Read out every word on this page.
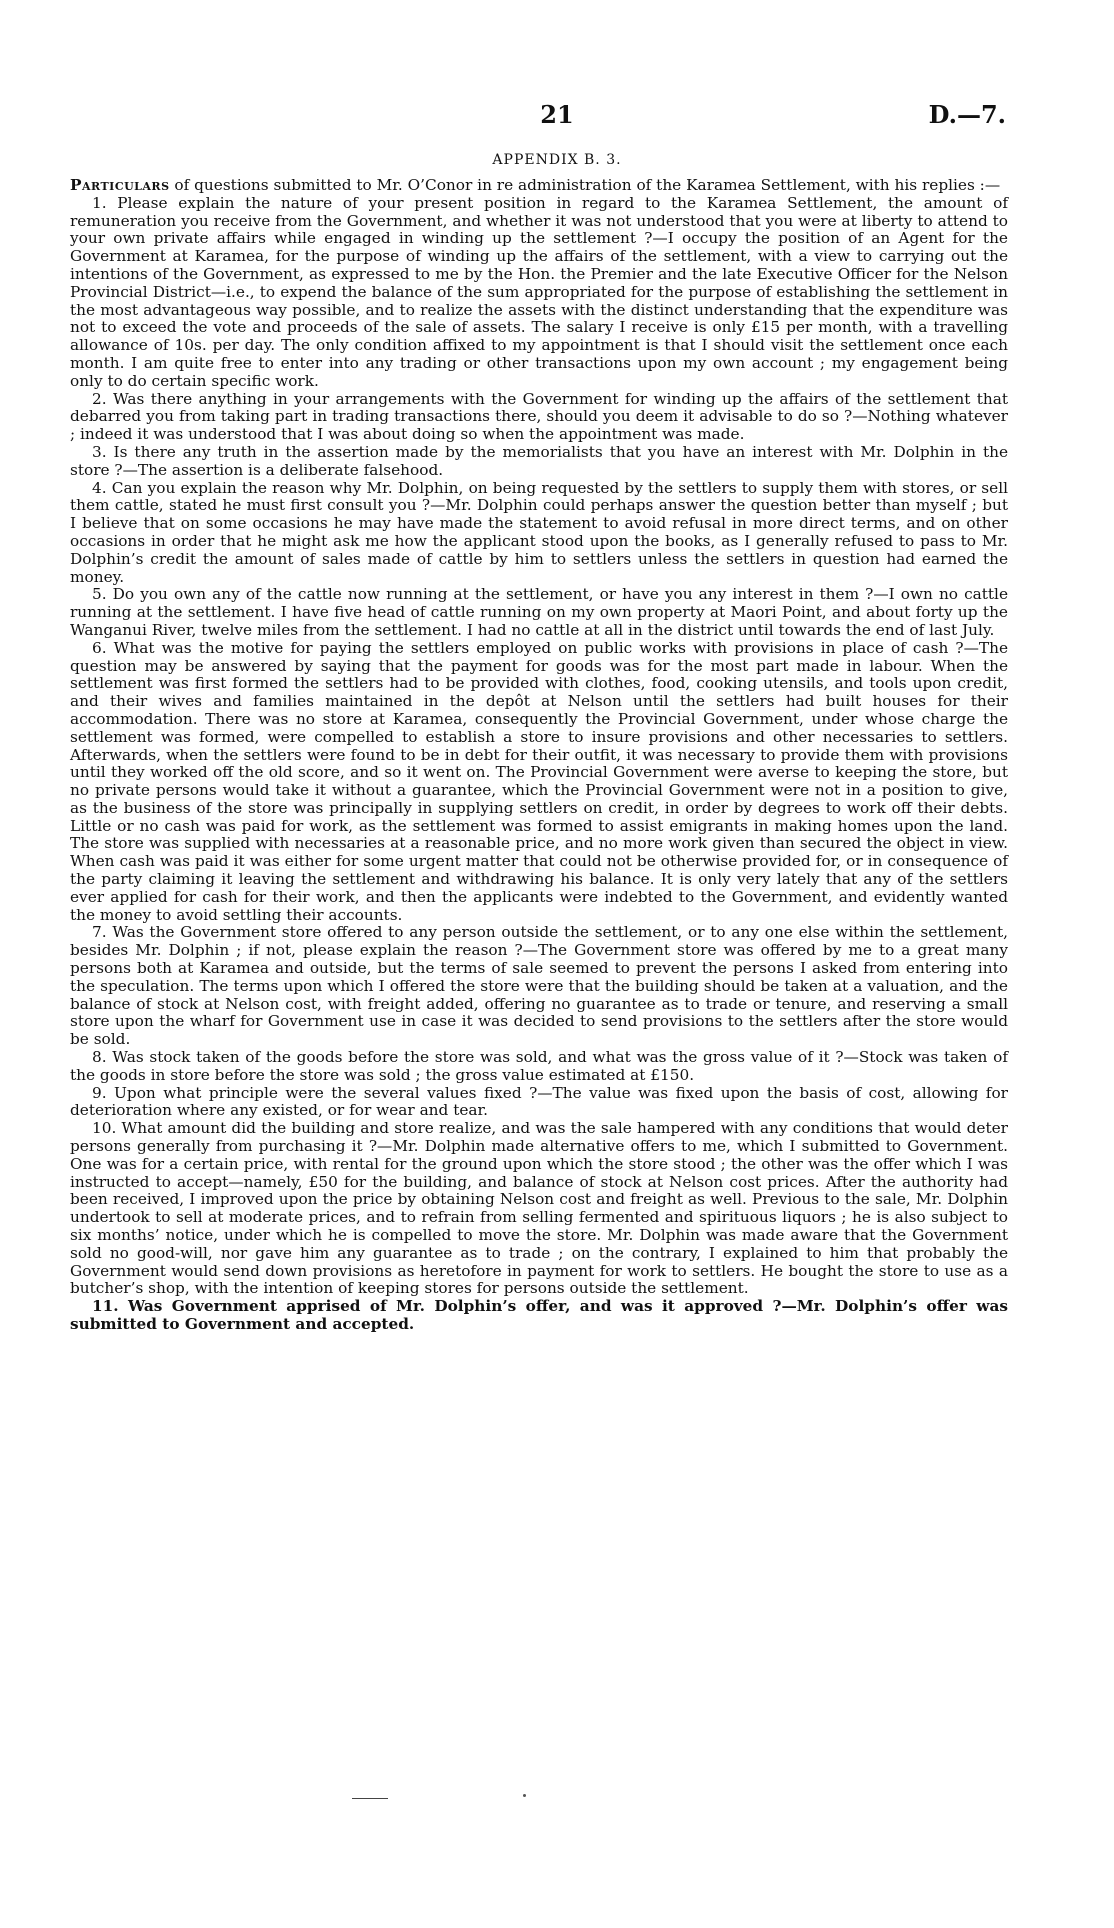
21	D.—7.
APPENDIX B. 3.

Particulars of questions submitted to Mr. O’Conor in re administration of the Karamea Settlement, with his replies :—

1. Please explain the nature of your present position in regard to the Karamea Settlement, the amount of remuneration you receive from the Government, and whether it was not understood that you were at liberty to attend to your own private affairs while engaged in winding up the settlement ?—I occupy the position of an Agent for the Government at Karamea, for the purpose of winding up the affairs of the settlement, with a view to carrying out the intentions of the Government, as expressed to me by the Hon. the Premier and the late Executive Officer for the Nelson Provincial District—i.e., to expend the balance of the sum appropriated for the purpose of establishing the settlement in the most advantageous way possible, and to realize the assets with the distinct understanding that the expenditure was not to exceed the vote and proceeds of the sale of assets. The salary I receive is only £15 per month, with a travelling allowance of 10s. per day. The only condition affixed to my appointment is that I should visit the settlement once each month. I am quite free to enter into any trading or other transactions upon my own account ; my engagement being only to do certain specific work.

2. Was there anything in your arrangements with the Government for winding up the affairs of the settlement that debarred you from taking part in trading transactions there, should you deem it advisable to do so ?—Nothing whatever ; indeed it was understood that I was about doing so when the appointment was made.

3. Is there any truth in the assertion made by the memorialists that you have an interest with Mr. Dolphin in the store ?—The assertion is a deliberate falsehood.

4. Can you explain the reason why Mr. Dolphin, on being requested by the settlers to supply them with stores, or sell them cattle, stated he must first consult you ?—Mr. Dolphin could perhaps answer the question better than myself ; but I believe that on some occasions he may have made the statement to avoid refusal in more direct terms, and on other occasions in order that he might ask me how the applicant stood upon the books, as I generally refused to pass to Mr. Dolphin’s credit the amount of sales made of cattle by him to settlers unless the settlers in question had earned the money.

5. Do you own any of the cattle now running at the settlement, or have you any interest in them ?—I own no cattle running at the settlement. I have five head of cattle running on my own property at Maori Point, and about forty up the Wanganui River, twelve miles from the settlement. I had no cattle at all in the district until towards the end of last July.

6. What was the motive for paying the settlers employed on public works with provisions in place of cash ?—The question may be answered by saying that the payment for goods was for the most part made in labour. When the settlement was first formed the settlers had to be provided with clothes, food, cooking utensils, and tools upon credit, and their wives and families maintained in the depôt at Nelson until the settlers had built houses for their accommodation. There was no store at Karamea, consequently the Provincial Government, under whose charge the settlement was formed, were compelled to establish a store to insure provisions and other necessaries to settlers. Afterwards, when the settlers were found to be in debt for their outfit, it was necessary to provide them with provisions until they worked off the old score, and so it went on. The Provincial Government were averse to keeping the store, but no private persons would take it without a guarantee, which the Provincial Government were not in a position to give, as the business of the store was principally in supplying settlers on credit, in order by degrees to work off their debts. Little or no cash was paid for work, as the settlement was formed to assist emigrants in making homes upon the land. The store was supplied with necessaries at a reasonable price, and no more work given than secured the object in view. When cash was paid it was either for some urgent matter that could not be otherwise provided for, or in consequence of the party claiming it leaving the settlement and withdrawing his balance. It is only very lately that any of the settlers ever applied for cash for their work, and then the applicants were indebted to the Government, and evidently wanted the money to avoid settling their accounts.

7. Was the Government store offered to any person outside the settlement, or to any one else within the settlement, besides Mr. Dolphin ; if not, please explain the reason ?—The Government store was offered by me to a great many persons both at Karamea and outside, but the terms of sale seemed to prevent the persons I asked from entering into the speculation. The terms upon which I offered the store were that the building should be taken at a valuation, and the balance of stock at Nelson cost, with freight added, offering no guarantee as to trade or tenure, and reserving a small store upon the wharf for Government use in case it was decided to send provisions to the settlers after the store would be sold.

8. Was stock taken of the goods before the store was sold, and what was the gross value of it ?—Stock was taken of the goods in store before the store was sold ; the gross value estimated at £150.

9. Upon what principle were the several values fixed ?—The value was fixed upon the basis of cost, allowing for deterioration where any existed, or for wear and tear.

10. What amount did the building and store realize, and was the sale hampered with any conditions that would deter persons generally from purchasing it ?—Mr. Dolphin made alternative offers to me, which I submitted to Government. One was for a certain price, with rental for the ground upon which the store stood ; the other was the offer which I was instructed to accept—namely, £50 for the building, and balance of stock at Nelson cost prices. After the authority had been received, I improved upon the price by obtaining Nelson cost and freight as well. Previous to the sale, Mr. Dolphin undertook to sell at moderate prices, and to refrain from selling fermented and spirituous liquors ; he is also subject to six months’ notice, under which he is compelled to move the store. Mr. Dolphin was made aware that the Government sold no good-will, nor gave him any guarantee as to trade ; on the contrary, I explained to him that probably the Government would send down provisions as heretofore in payment for work to settlers. He bought the store to use as a butcher’s shop, with the intention of keeping stores for persons outside the settlement.

11. Was Government apprised of Mr. Dolphin’s offer, and was it approved ?—Mr. Dolphin’s offer was submitted to Government and accepted.
